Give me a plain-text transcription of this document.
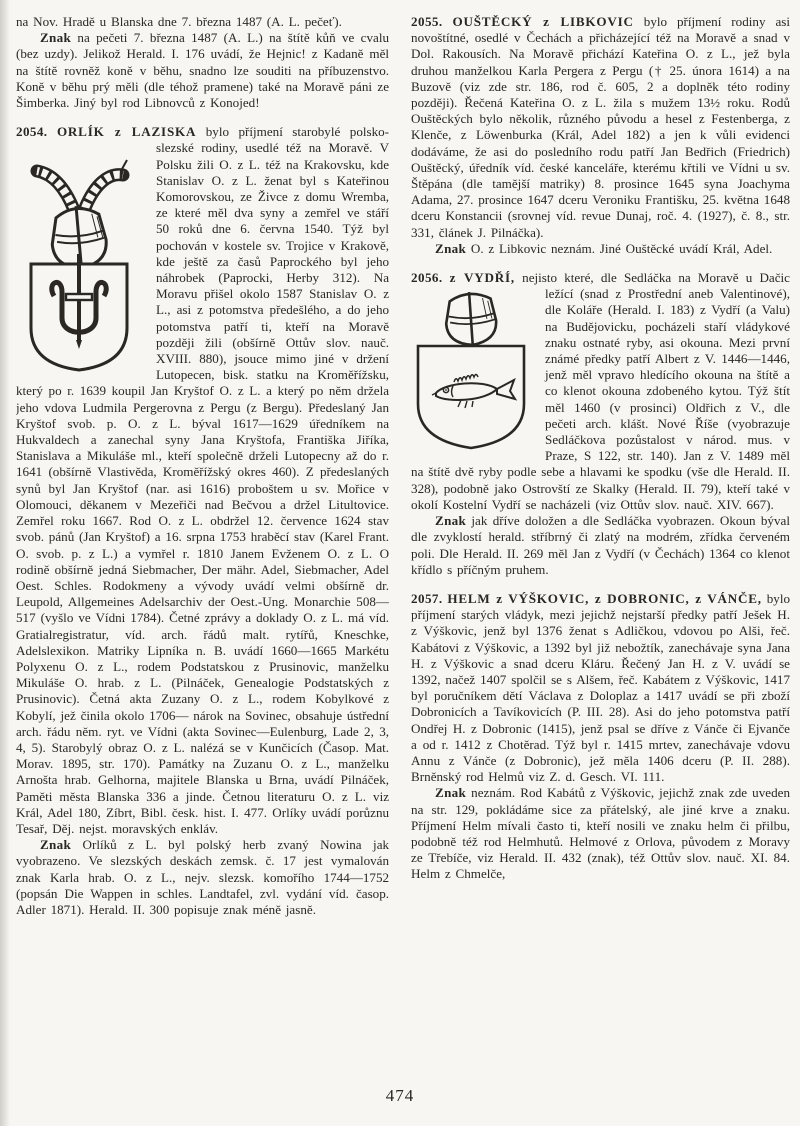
na Nov. Hradě u Blanska dne 7. března 1487 (A. L. pečeť).

Znak na pečeti 7. března 1487 (A. L.) na štítě kůň ve cvalu (bez uzdy). Jelikož Herald. I. 176 uvádí, že Hejnic! z Kadaně měl na štítě rovněž koně v běhu, snadno lze souditi na příbuzenstvo. Koně v běhu prý měli (dle téhož pramene) také na Moravě páni ze Šimberka. Jiný byl rod Libnovců z Konojed!

2054. ORLÍK z LAZISKA bylo příjmení starobylé polsko-slezské rodiny, usedlé též na Moravě. V Polsku žili O. z L. též na Krakovsku, kde Stanislav O. z L. ženat byl s Kateřinou Komorovskou, ze Živce z domu Wremba, ze které měl dva syny a zemřel ve stáří 50 roků dne 6. června 1540. Týž byl pochován v kostele sv. Trojice v Krakově, kde ještě za časů Paprockého byl jeho náhrobek (Paprocki, Herby 312). Na Moravu přišel okolo 1587 Stanislav O. z L., asi z potomstva předešlého, a do jeho potomstva patří ti, kteří na Moravě později žili (obšírně Ottův slov. nauč. XVIII. 880), jsouce mimo jiné v držení Lutopecen, bisk. statku na Kroměřížsku, který po r. 1639 koupil Jan Kryštof O. z L. a který po něm držela jeho vdova Ludmila Pergerovna z Pergu (z Bergu). Předeslaný Jan Kryštof svob. p. O. z L. býval 1617—1629 úředníkem na Hukvaldech a zanechal syny Jana Kryštofa, Františka Jiříka, Stanislava a Mikuláše ml., kteří společně drželi Lutopecny až do r. 1641 (obšírně Vlastivěda, Kroměřížský okres 460). Z předeslaných synů byl Jan Kryštof (nar. asi 1616) proboštem u sv. Mořice v Olomouci, děkanem v Mezeřiči nad Bečvou a držel Litultovice. Zemřel roku 1667. Rod O. z L. obdržel 12. července 1624 stav svob. pánů (Jan Kryštof) a 16. srpna 1753 hraběcí stav (Karel Frant. O. svob. p. z L.) a vymřel r. 1810 Janem Evženem O. z L. O rodině obšírně jedná Siebmacher, Der mähr. Adel, Siebmacher, Adel Oest. Schles. Rodokmeny a vývody uvádí velmi obšírně dr. Leupold, Allgemeines Adelsarchiv der Oest.-Ung. Monarchie 508—517 (vyšlo ve Vídni 1784). Četné zprávy a doklady O. z L. má víd. Gratialregistratur, víd. arch. řádů malt. rytířů, Kneschke, Adelslexikon. Matriky Lipníka n. B. uvádí 1660—1665 Markétu Polyxenu O. z L., rodem Podstatskou z Prusinovic, manželku Mikuláše O. hrab. z L. (Pilnáček, Genealogie Podstatských z Prusinovic). Četná akta Zuzany O. z L., rodem Kobylkové z Kobylí, jež činila okolo 1706— nárok na Sovinec, obsahuje ústřední arch. řádu něm. ryt. ve Vídni (akta Sovinec—Eulenburg, Lade 2, 3, 4, 5). Starobylý obraz O. z L. nalézá se v Kunčicích (Časop. Mat. Morav. 1895, str. 170). Památky na Zuzanu O. z L., manželku Arnošta hrab. Gelhorna, majitele Blanska u Brna, uvádí Pilnáček, Paměti města Blanska 336 a jinde. Četnou literaturu O. z L. viz Král, Adel 180, Zíbrt, Bibl. česk. hist. I. 477. Orlíky uvádí porůznu Tesař, Děj. nejst. moravských enkláv.

Znak Orlíků z L. byl polský herb zvaný Nowina jak vyobrazeno. Ve slezských deskách zemsk. č. 17 jest vymalován znak Karla hrab. O. z L., nejv. slezsk. komořího 1744—1752 (popsán Die Wappen in schles. Landtafel, zvl. vydání víd. časop. Adler 1871). Herald. II. 300 popisuje znak méně jasně.

2055. OUŠTĚCKÝ z LIBKOVIC bylo příjmení rodiny asi novoštítné, osedlé v Čechách a přicházející též na Moravě a snad v Dol. Rakousích. Na Moravě přichází Kateřina O. z L., jež byla druhou manželkou Karla Pergera z Pergu († 25. února 1614) a na Buzově (viz zde str. 186, rod č. 605, 2 a doplněk této rodiny později). Řečená Kateřina O. z L. žila s mužem 13½ roku. Rodů Ouštěckých bylo několik, různého původu a hesel z Festenberga, z Klenče, z Löwenburka (Král, Adel 182) a jen k vůli evidenci dodáváme, že asi do posledního rodu patří Jan Bedřich (Friedrich) Ouštěcký, úředník víd. české kanceláře, kterému křtili ve Vídni u sv. Štěpána (dle tamější matriky) 8. prosince 1645 syna Joachyma Adama, 27. prosince 1647 dceru Veroniku Františku, 25. května 1648 dceru Konstancii (srovnej víd. revue Dunaj, roč. 4. (1927), č. 8., str. 331, článek J. Pilnáčka).

Znak O. z Libkovic neznám. Jiné Ouštěcké uvádí Král, Adel.

2056. z VYDŘÍ, nejisto které, dle Sedláčka na Moravě u Dačic ležící (snad z Prostřední aneb Valentinové), dle Koláře (Herald. I. 183) z Vydří (a Valu) na Budějovicku, pocházeli staří vládykové znaku ostnaté ryby, asi okouna. Mezi první známé předky patří Albert z V. 1446—1446, jenž měl vpravo hledícího okouna na štítě a co klenot okouna zdobeného kytou. Týž štít měl 1460 (v prosinci) Oldřich z V., dle pečeti arch. klášt. Nové Říše (vyobrazuje Sedláčkova pozůstalost v národ. mus. v Praze, S 122, str. 140). Jan z V. 1489 měl na štítě dvě ryby podle sebe a hlavami ke spodku (vše dle Herald. II. 328), podobně jako Ostrovští ze Skalky (Herald. II. 79), kteří také v okolí Kostelní Vydří se nacházeli (viz Ottův slov. nauč. XIV. 667).

Znak jak dříve doložen a dle Sedláčka vyobrazen. Okoun býval dle zvyklostí herald. stříbrný či zlatý na modrém, zřídka červeném poli. Dle Herald. II. 269 měl Jan z Vydří (v Čechách) 1364 co klenot křídlo s příčným pruhem.

2057. HELM z VÝŠKOVIC, z DOBRONIC, z VÁNČE, bylo příjmení starých vládyk, mezi jejichž nejstarší předky patří Ješek H. z Výškovic, jenž byl 1376 ženat s Adličkou, vdovou po Alši, řeč. Kabátovi z Výškovic, a 1392 byl již nebožtík, zanechávaje syna Jana H. z Výškovic a snad dceru Kláru. Řečený Jan H. z V. uvádí se 1392, načež 1407 spolčil se s Alšem, řeč. Kabátem z Výškovic, 1417 byl poručníkem dětí Václava z Doloplaz a 1417 uvádí se při zboží Dobronicích a Tavíkovicích (P. III. 28). Asi do jeho potomstva patří Ondřej H. z Dobronic (1415), jenž psal se dříve z Vánče či Ejvanče a od r. 1412 z Chotěrad. Týž byl r. 1415 mrtev, zanechávaje vdovu Annu z Vánče (z Dobronic), jež měla 1406 dceru (P. II. 288). Brněnský rod Helmů viz Z. d. Gesch. VI. 111.

Znak neznám. Rod Kabátů z Výškovic, jejichž znak zde uveden na str. 129, pokládáme sice za přátelský, ale jiné krve a znaku. Příjmení Helm mívali často ti, kteří nosili ve znaku helm či přilbu, podobně též rod Helmhutů. Helmové z Orlova, původem z Moravy ze Třebíče, viz Herald. II. 432 (znak), též Ottův slov. nauč. XI. 84. Helm z Chmelče,

474
